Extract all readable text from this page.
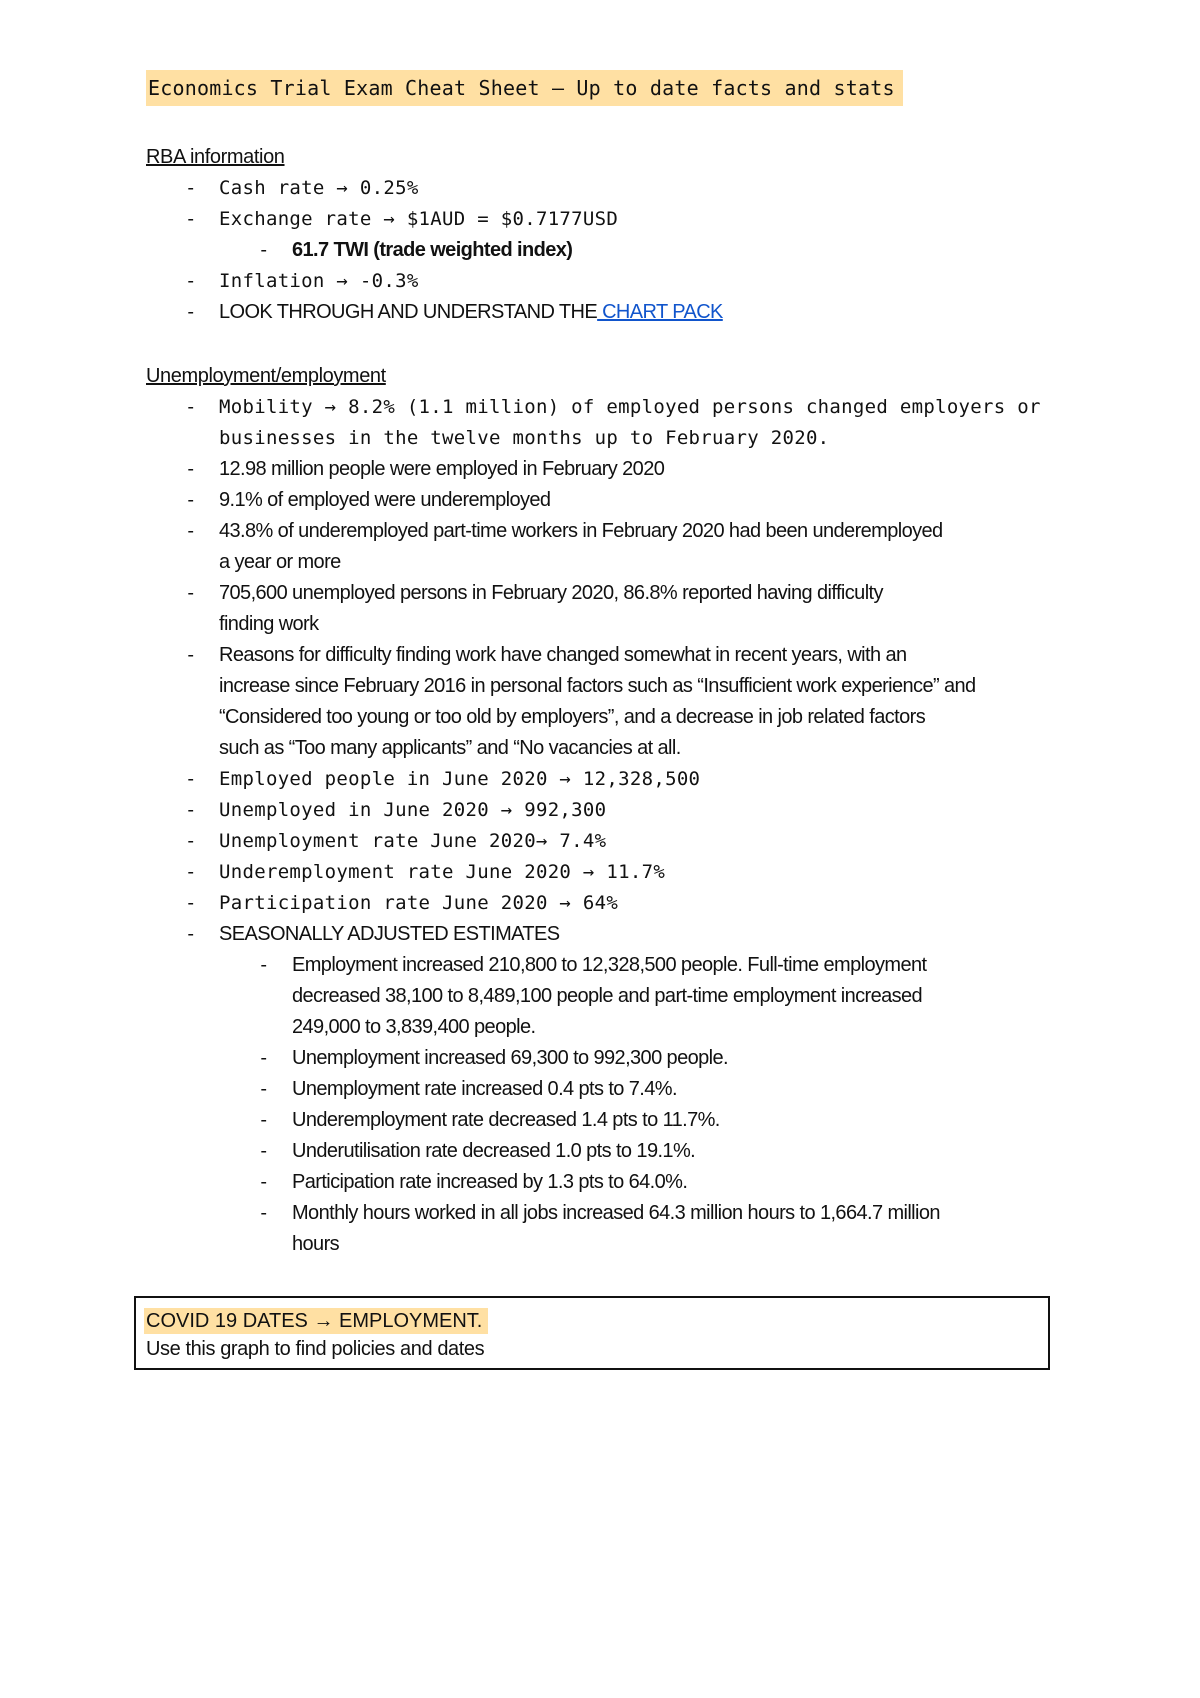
Economics Trial Exam Cheat Sheet – Up to date facts and stats
RBA information
- Cash rate → 0.25%
- Exchange rate → $1AUD = $0.7177USD
- 61.7 TWI (trade weighted index)
- Inflation → -0.3%
- LOOK THROUGH AND UNDERSTAND THE CHART PACK
Unemployment/employment
- Mobility → 8.2% (1.1 million) of employed persons changed employers or
businesses in the twelve months up to February 2020.
- 12.98 million people were employed in February 2020
- 9.1% of employed were underemployed
- 43.8% of underemployed part-time workers in February 2020 had been underemployed
a year or more
- 705,600 unemployed persons in February 2020, 86.8% reported having difficulty
finding work
- Reasons for difficulty finding work have changed somewhat in recent years, with an
increase since February 2016 in personal factors such as “Insufficient work experience” and
“Considered too young or too old by employers”, and a decrease in job related factors
such as “Too many applicants” and “No vacancies at all.
- Employed people in June 2020 → 12,328,500
- Unemployed in June 2020 → 992,300
- Unemployment rate June 2020→ 7.4%
- Underemployment rate June 2020 → 11.7%
- Participation rate June 2020 → 64%
- SEASONALLY ADJUSTED ESTIMATES
- Employment increased 210,800 to 12,328,500 people. Full-time employment
decreased 38,100 to 8,489,100 people and part-time employment increased
249,000 to 3,839,400 people.
- Unemployment increased 69,300 to 992,300 people.
- Unemployment rate increased 0.4 pts to 7.4%.
- Underemployment rate decreased 1.4 pts to 11.7%.
- Underutilisation rate decreased 1.0 pts to 19.1%.
- Participation rate increased by 1.3 pts to 64.0%.
- Monthly hours worked in all jobs increased 64.3 million hours to 1,664.7 million
hours
COVID 19 DATES → EMPLOYMENT.
Use this graph to find policies and dates
